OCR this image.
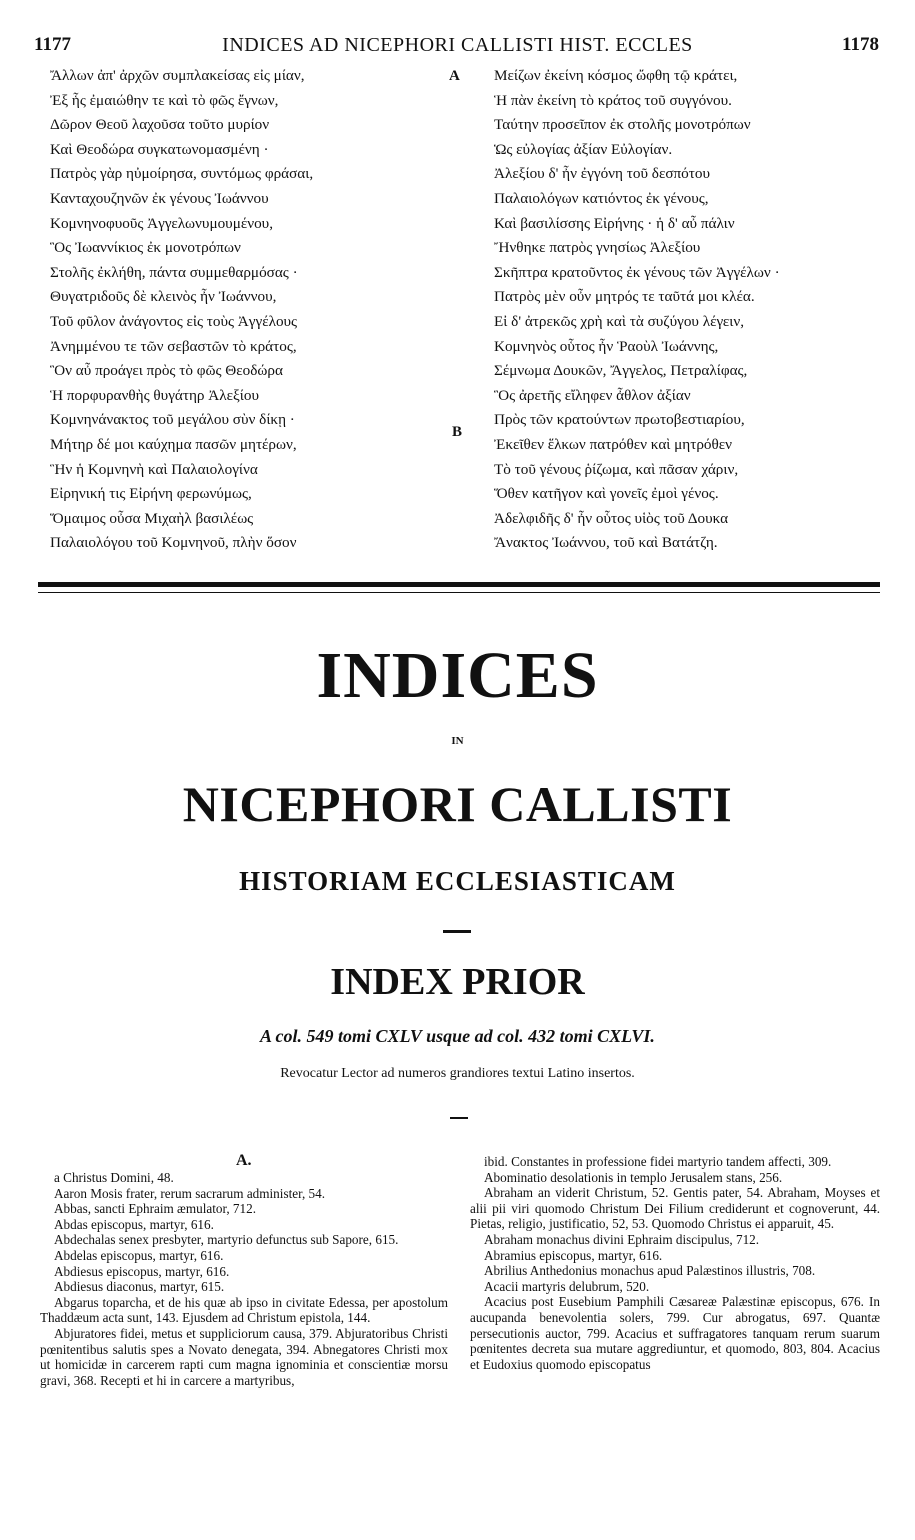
1177	INDICES AD NICEPHORI CALLISTI HIST. ECCLES	1178
Ἄλλων ἀπ' ἀρχῶν συμπλακείσας εἰς μίαν,
Ἐξ ἧς ἐμαιώθην τε καὶ τὸ φῶς ἔγνων,
Δῶρον Θεοῦ λαχοῦσα τοῦτο μυρίον
Καὶ Θεοδώρα συγκατωνομασμένη ·
Πατρὸς γὰρ ηὐμοίρησα, συντόμως φράσαι,
Κανταχουζηνῶν ἐκ γένους Ἰωάννου
Κομνηνοφυοῦς Ἀγγελωνυμουμένου,
Ὃς Ἰωαννίκιος ἐκ μονοτρόπων
Στολῆς ἐκλήθη, πάντα συμμεθαρμόσας ·
Θυγατριδοῦς δὲ κλεινὸς ἦν Ἰωάννου,
Τοῦ φῦλον ἀνάγοντος εἰς τοὺς Ἀγγέλους
Ἀνημμένου τε τῶν σεβαστῶν τὸ κράτος,
Ὃν αὖ προάγει πρὸς τὸ φῶς Θεοδώρα
Ἡ πορφυρανθὴς θυγάτηρ Ἀλεξίου
Κομνηνάνακτος τοῦ μεγάλου σὺν δίκῃ ·
Μήτηρ δέ μοι καύχημα πασῶν μητέρων,
Ἣν ἡ Κομνηνὴ καὶ Παλαιολογίνα
Εἰρηνική τις Εἰρήνη φερωνύμως,
Ὅμαιμος οὖσα Μιχαὴλ βασιλέως
Παλαιολόγου τοῦ Κομνηνοῦ, πλὴν ὅσον
A
B
Μείζων ἐκείνη κόσμος ὤφθη τῷ κράτει,
Ἡ πὰν ἐκείνη τὸ κράτος τοῦ συγγόνου.
Ταύτην προσεῖπον ἐκ στολῆς μονοτρόπων
Ὡς εὐλογίας ἀξίαν Εὐλογίαν.
Ἀλεξίου δ' ἦν ἐγγόνη τοῦ δεσπότου
Παλαιολόγων κατιόντος ἐκ γένους,
Καὶ βασιλίσσης Εἰρήνης · ἡ δ' αὖ πάλιν
Ἤνθηκε πατρὸς γνησίως Ἀλεξίου
Σκῆπτρα κρατοῦντος ἐκ γένους τῶν Ἀγγέλων ·
Πατρὸς μὲν οὖν μητρός τε ταῦτά μοι κλέα.
Εἰ δ' ἀτρεκῶς χρὴ καὶ τὰ συζύγου λέγειν,
Κομνηνὸς οὗτος ἦν Ῥαοὺλ Ἰωάννης,
Σέμνωμα Δουκῶν, Ἄγγελος, Πετραλίφας,
Ὃς ἀρετῆς εἴληφεν ἆθλον ἀξίαν
Πρὸς τῶν κρατούντων πρωτοβεστιαρίου,
Ἐκεῖθεν ἕλκων πατρόθεν καὶ μητρόθεν
Τὸ τοῦ γένους ῥίζωμα, καὶ πᾶσαν χάριν,
Ὅθεν κατῆγον καὶ γονεῖς ἐμοὶ γένος.
Ἀδελφιδῆς δ' ἦν οὗτος υἱὸς τοῦ Δουκα
Ἄνακτος Ἰωάννου, τοῦ καὶ Βατάτζη.
INDICES
IN
NICEPHORI CALLISTI
HISTORIAM ECCLESIASTICAM
INDEX PRIOR
A col. 549 tomi CXLV usque ad col. 432 tomi CXLVI.
Revocatur Lector ad numeros grandiores textui Latino insertos.
A.

a Christus Domini, 48.

Aaron Mosis frater, rerum sacrarum administer, 54.

Abbas, sancti Ephraim æmulator, 712.

Abdas episcopus, martyr, 616.

Abdechalas senex presbyter, martyrio defunctus sub Sapore, 615.

Abdelas episcopus, martyr, 616.

Abdiesus episcopus, martyr, 616.

Abdiesus diaconus, martyr, 615.

Abgarus toparcha, et de his quæ ab ipso in civitate Edessa, per apostolum Thaddæum acta sunt, 143. Ejusdem ad Christum epistola, 144.

Abjuratores fidei, metus et suppliciorum causa, 379. Abjuratoribus Christi pœnitentibus salutis spes a Novato denegata, 394. Abnegatores Christi mox ut homicidæ in carcerem rapti cum magna ignominia et conscientiæ morsu gravi, 368. Recepti et hi in carcere a martyribus,

ibid. Constantes in professione fidei martyrio tandem affecti, 309.

Abominatio desolationis in templo Jerusalem stans, 256.

Abraham an viderit Christum, 52. Gentis pater, 54. Abraham, Moyses et alii pii viri quomodo Christum Dei Filium crediderunt et cognoverunt, 44. Pietas, religio, justificatio, 52, 53. Quomodo Christus ei apparuit, 45.

Abraham monachus divini Ephraim discipulus, 712.

Abramius episcopus, martyr, 616.

Abrilius Anthedonius monachus apud Palæstinos illustris, 708.

Acacii martyris delubrum, 520.

Acacius post Eusebium Pamphili Cæsareæ Palæstinæ episcopus, 676. In aucupanda benevolentia solers, 799. Cur abrogatus, 697. Quantæ persecutionis auctor, 799. Acacius et suffragatores tanquam rerum suarum pœnitentes decreta sua mutare aggrediuntur, et quomodo, 803, 804. Acacius et Eudoxius quomodo episcopatus
